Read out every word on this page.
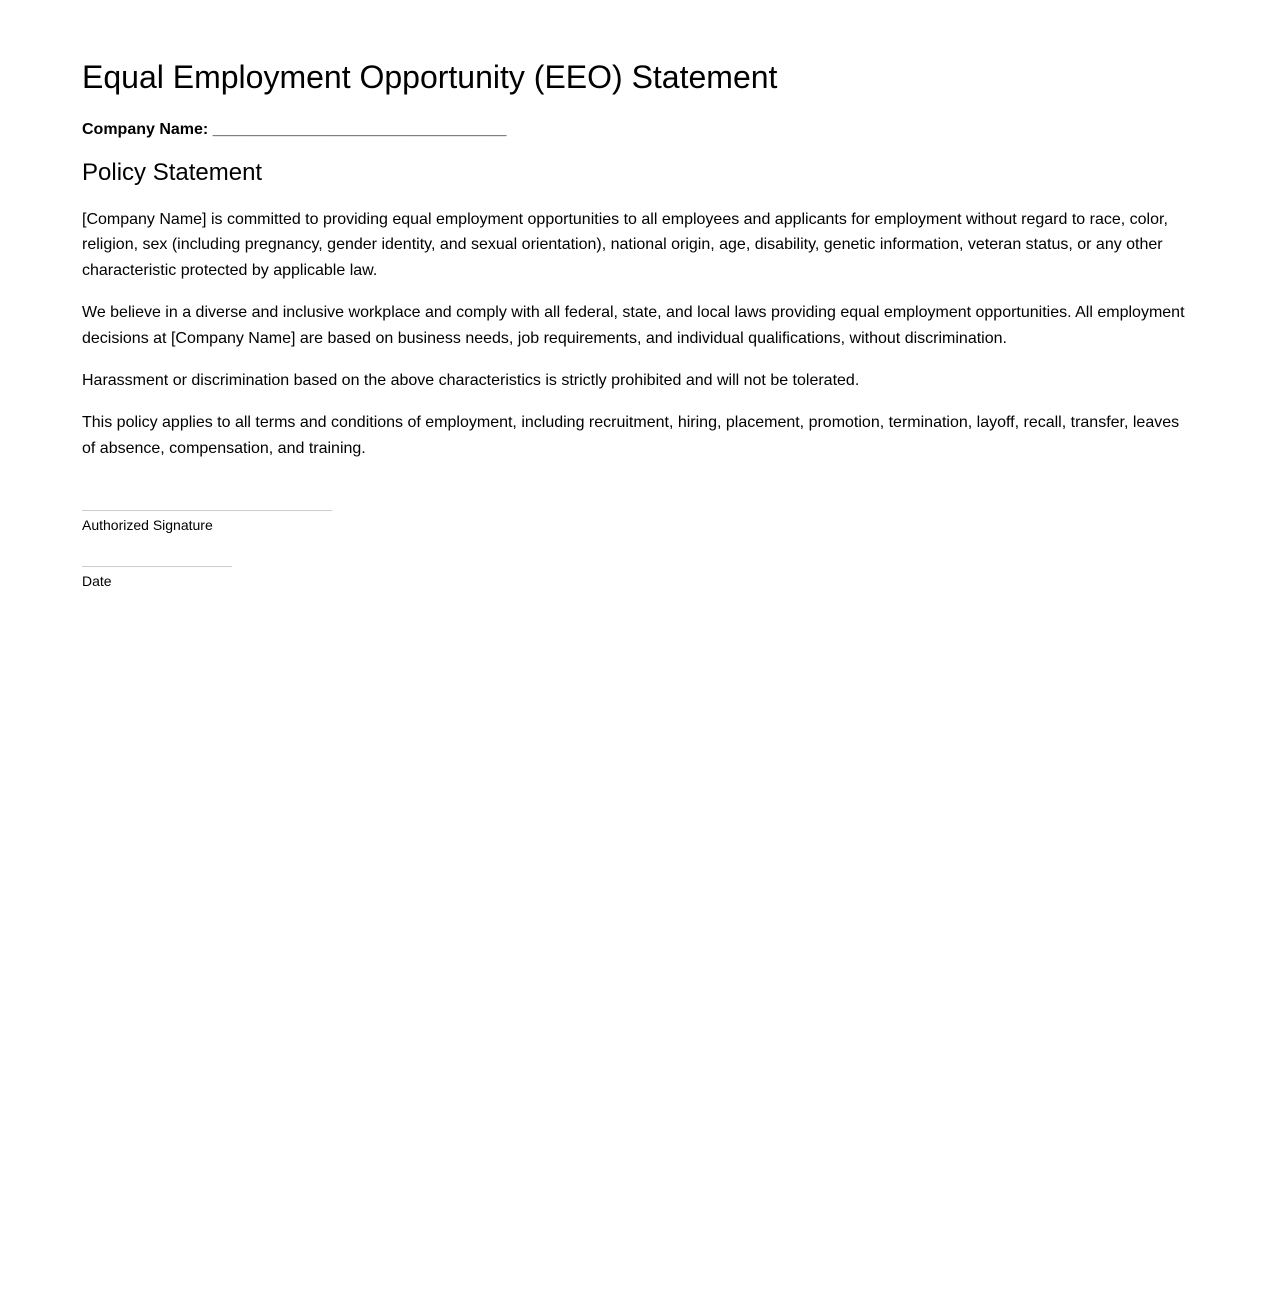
Equal Employment Opportunity (EEO) Statement
Company Name: _________________________________
Policy Statement

[Company Name] is committed to providing equal employment opportunities to all employees and applicants for employment without regard to race, color, religion, sex (including pregnancy, gender identity, and sexual orientation), national origin, age, disability, genetic information, veteran status, or any other characteristic protected by applicable law.

We believe in a diverse and inclusive workplace and comply with all federal, state, and local laws providing equal employment opportunities. All employment decisions at [Company Name] are based on business needs, job requirements, and individual qualifications, without discrimination.

Harassment or discrimination based on the above characteristics is strictly prohibited and will not be tolerated.

This policy applies to all terms and conditions of employment, including recruitment, hiring, placement, promotion, termination, layoff, recall, transfer, leaves of absence, compensation, and training.

Authorized Signature
Date
